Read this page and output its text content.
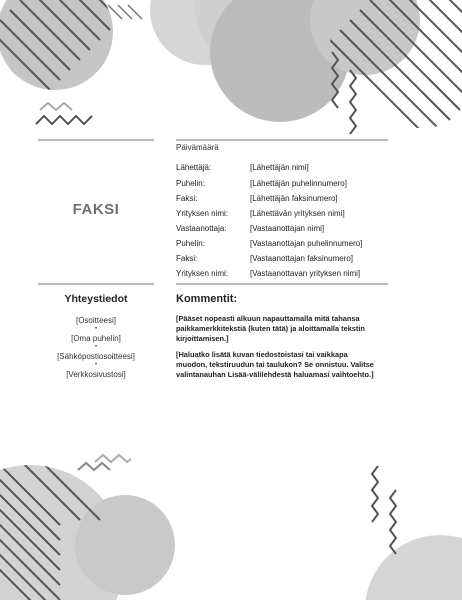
FAKSI
Päivämäärä
Lähettäjä:	[Lähettäjän nimi]
Puhelin:	[Lähettäjän puhelinnumero]
Faksi:	[Lähettäjän faksinumero]
Yrityksen nimi:	[Lähettävän yrityksen nimi]
Vastaanottaja:	[Vastaanottajan nimi]
Puhelin:	[Vastaanottajan puhelinnumero]
Faksi:	[Vastaanottajan faksinumero]
Yrityksen nimi:	[Vastaanottavan yrityksen nimi]
Yhteystiedot
[Osoitteesi]
•
[Oma puhelin]
•
[Sähköpostiosoitteesi]
•
[Verkkosivustosi]
Kommentit:
[Pääset nopeasti alkuun napauttamalla mitä tahansa paikkamerkkitekstiä (kuten tätä) ja aloittamalla tekstin kirjoittamisen.]
[Haluatko lisätä kuvan tiedostoistasi tai vaikkapa muodon, tekstiruudun tai taulukon? Se onnistuu. Valitse valintanauhan Lisää-välilehdestä haluamasi vaihtoehto.]
